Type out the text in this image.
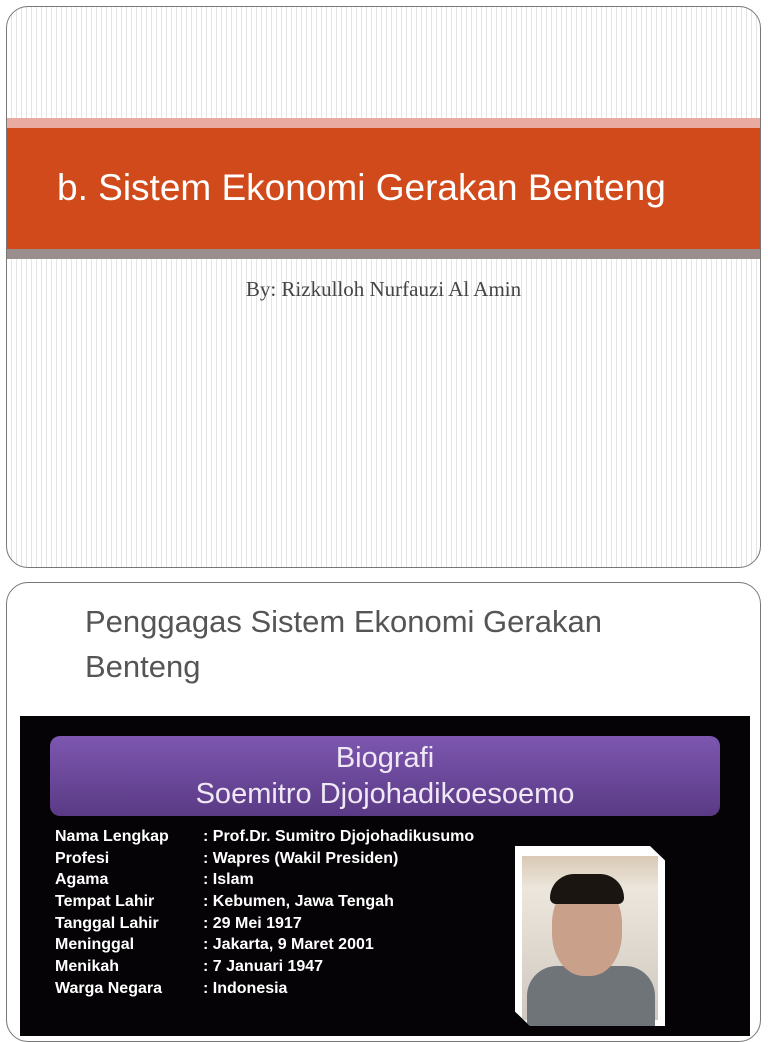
b. Sistem Ekonomi Gerakan Benteng
By: Rizkulloh Nurfauzi Al Amin
Penggagas Sistem Ekonomi Gerakan Benteng
Biografi
Soemitro Djojohadikoesoemo
Nama Lengkap : Prof.Dr. Sumitro Djojohadikusumo
Profesi	: Wapres (Wakil Presiden)
Agama	: Islam
Tempat Lahir	: Kebumen, Jawa Tengah
Tanggal Lahir	: 29 Mei 1917
Meninggal	: Jakarta, 9 Maret 2001
Menikah	: 7 Januari 1947
Warga Negara	: Indonesia
